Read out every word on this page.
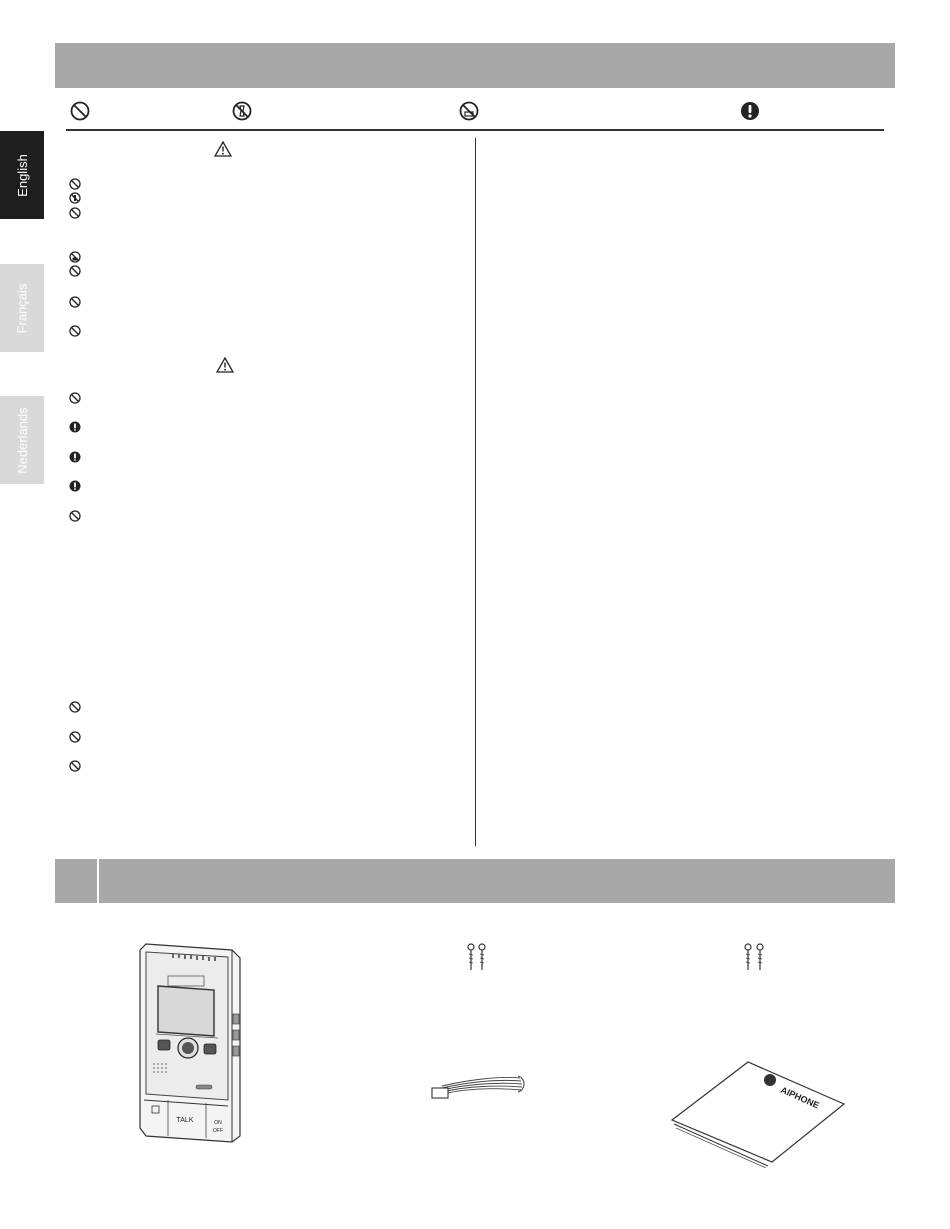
English
Français
Nederlands
TALK	ON
OFF
AIPHONE
